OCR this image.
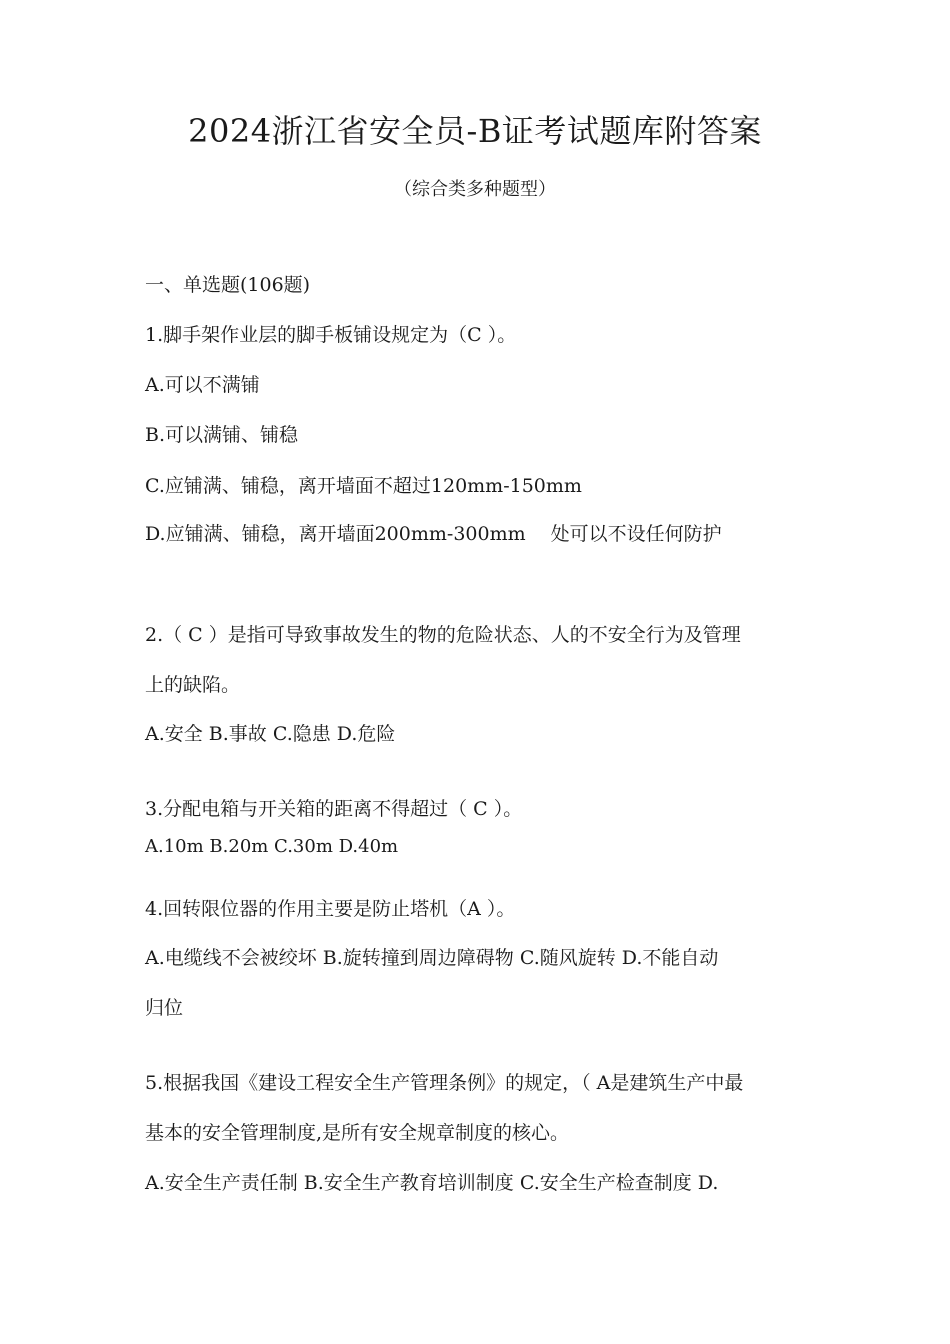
2024浙江省安全员-B证考试题库附答案
（综合类多种题型）
一、单选题(106题)
1.脚手架作业层的脚手板铺设规定为（C ）。
A.可以不满铺
B.可以满铺、铺稳
C.应铺满、铺稳，离开墙面不超过120mm-150mm
D.应铺满、铺稳，离开墙面200mm-300mm　 处可以不设任何防护
2.（ C ）是指可导致事故发生的物的危险状态、人的不安全行为及管理
上的缺陷。
A.安全 B.事故 C.隐患 D.危险
3.分配电箱与开关箱的距离不得超过（ C ）。
A.10m B.20m C.30m D.40m
4.回转限位器的作用主要是防止塔机（A ）。
A.电缆线不会被绞坏 B.旋转撞到周边障碍物 C.随风旋转 D.不能自动
归位
5.根据我国《建设工程安全生产管理条例》的规定，（ A是建筑生产中最
基本的安全管理制度,是所有安全规章制度的核心。
A.安全生产责任制 B.安全生产教育培训制度 C.安全生产检查制度 D.
